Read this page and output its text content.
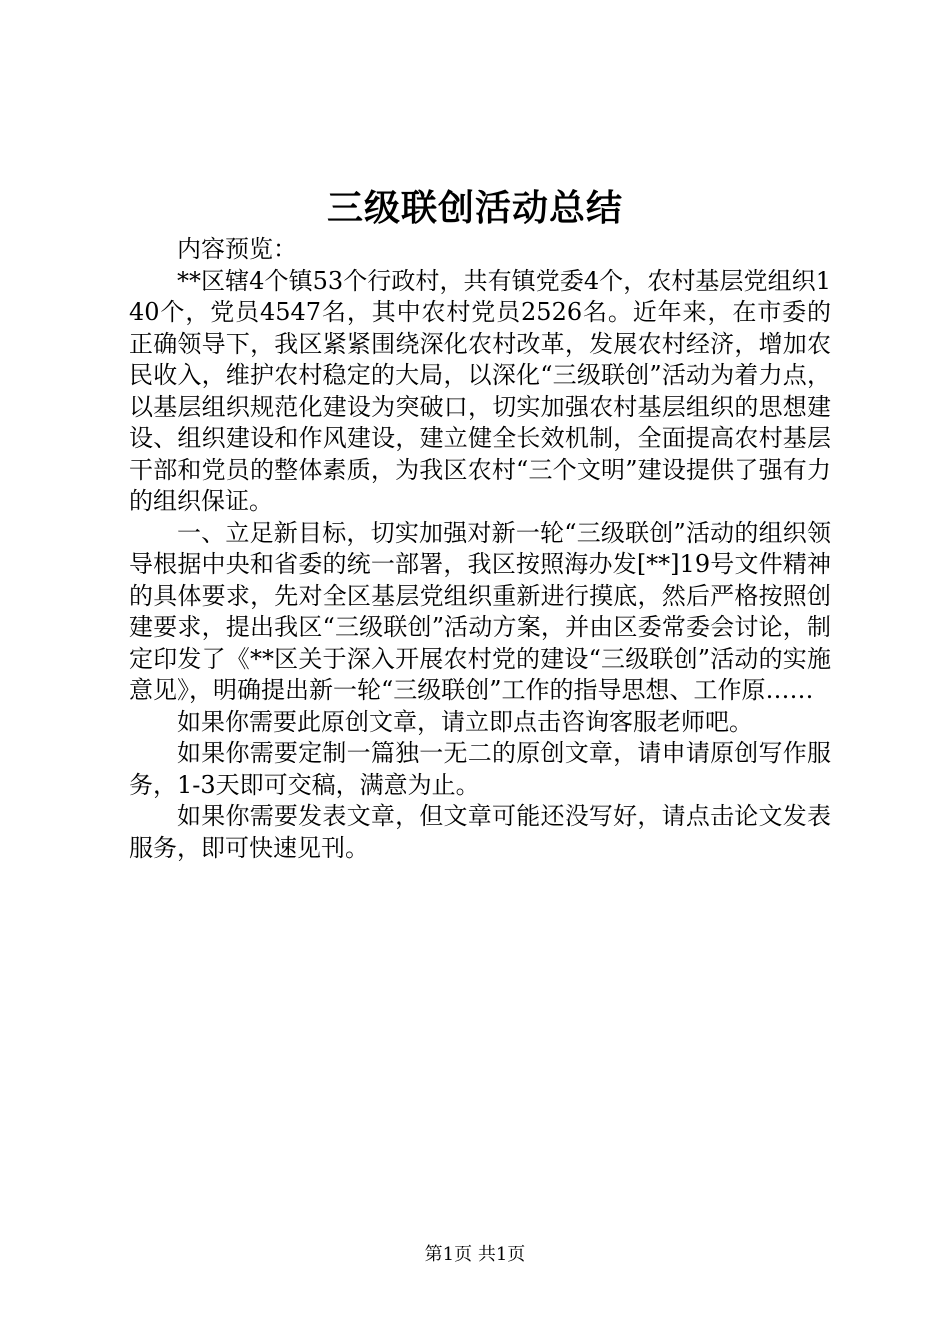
三级联创活动总结

内容预览：

**区辖4个镇53个行政村，共有镇党委4个，农村基层党组织140个，党员4547名，其中农村党员2526名。近年来，在市委的正确领导下，我区紧紧围绕深化农村改革，发展农村经济，增加农民收入，维护农村稳定的大局，以深化“三级联创”活动为着力点，以基层组织规范化建设为突破口，切实加强农村基层组织的思想建设、组织建设和作风建设，建立健全长效机制，全面提高农村基层干部和党员的整体素质，为我区农村“三个文明”建设提供了强有力的组织保证。

一、立足新目标，切实加强对新一轮“三级联创”活动的组织领导根据中央和省委的统一部署，我区按照海办发[**]19号文件精神的具体要求，先对全区基层党组织重新进行摸底，然后严格按照创建要求，提出我区“三级联创”活动方案，并由区委常委会讨论，制定印发了《**区关于深入开展农村党的建设“三级联创”活动的实施意见》，明确提出新一轮“三级联创”工作的指导思想、工作原……

如果你需要此原创文章，请立即点击咨询客服老师吧。

如果你需要定制一篇独一无二的原创文章，请申请原创写作服务，1-3天即可交稿，满意为止。

如果你需要发表文章，但文章可能还没写好，请点击论文发表服务，即可快速见刊。

第1页 共1页
